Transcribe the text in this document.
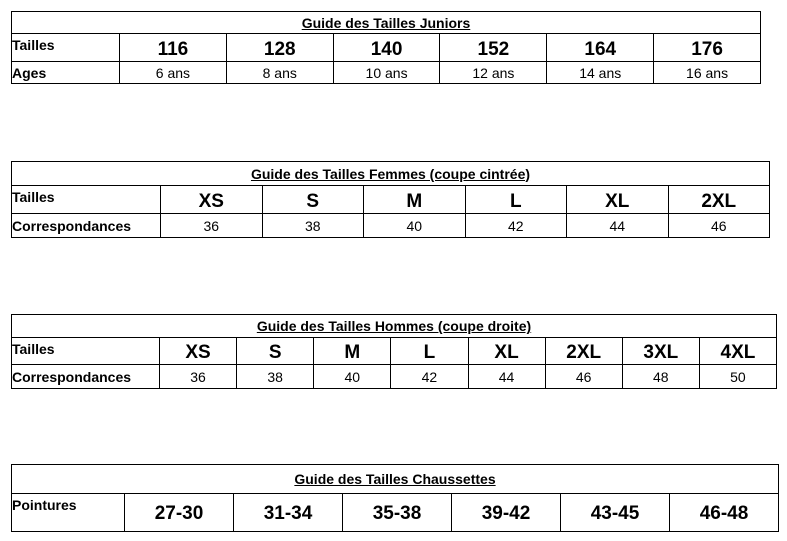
Guide des Tailles Juniors						
Tailles	116	128	140	152	164	176
Ages	6 ans	8 ans	10 ans	12 ans	14 ans	16 ans
Guide des Tailles Femmes (coupe cintrée)						
Tailles	XS	S	M	L	XL	2XL
Correspondances	36	38	40	42	44	46
Guide des Tailles Hommes (coupe droite)								
Tailles	XS	S	M	L	XL	2XL	3XL	4XL
Correspondances	36	38	40	42	44	46	48	50
Guide des Tailles Chaussettes
Pointures	27-30	31-34	35-38	39-42	43-45	46-48
